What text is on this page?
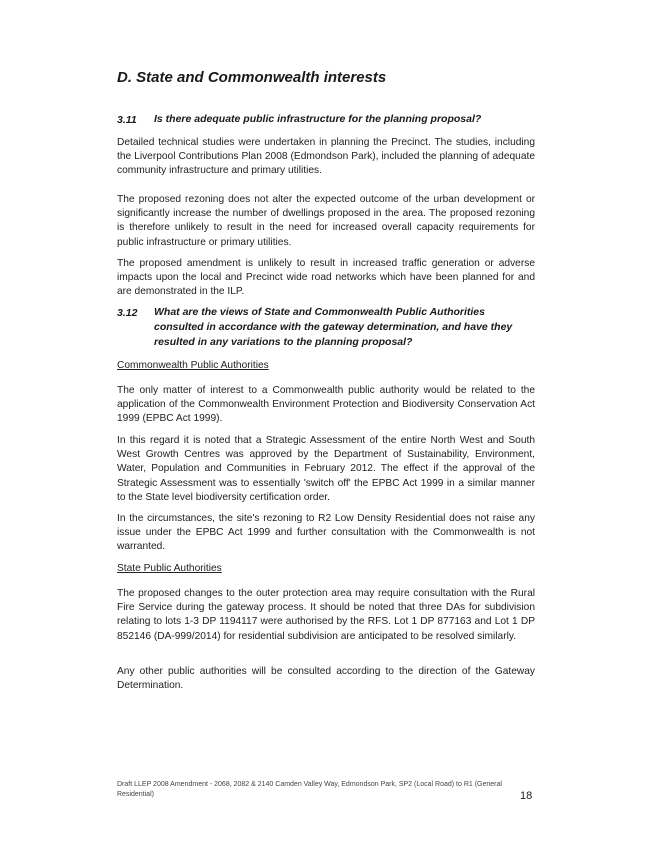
D. State and Commonwealth interests
3.11 Is there adequate public infrastructure for the planning proposal?

Detailed technical studies were undertaken in planning the Precinct. The studies, including the Liverpool Contributions Plan 2008 (Edmondson Park), included the planning of adequate community infrastructure and primary utilities.

The proposed rezoning does not alter the expected outcome of the urban development or significantly increase the number of dwellings proposed in the area. The proposed rezoning is therefore unlikely to result in the need for increased overall capacity requirements for public infrastructure or primary utilities.

The proposed amendment is unlikely to result in increased traffic generation or adverse impacts upon the local and Precinct wide road networks which have been planned for and are demonstrated in the ILP.

3.12 What are the views of State and Commonwealth Public Authorities
consulted in accordance with the gateway determination, and have they
resulted in any variations to the planning proposal?

Commonwealth Public Authorities

The only matter of interest to a Commonwealth public authority would be related to the application of the Commonwealth Environment Protection and Biodiversity Conservation Act 1999 (EPBC Act 1999).

In this regard it is noted that a Strategic Assessment of the entire North West and South West Growth Centres was approved by the Department of Sustainability, Environment, Water, Population and Communities in February 2012. The effect if the approval of the Strategic Assessment was to essentially 'switch off' the EPBC Act 1999 in a similar manner to the State level biodiversity certification order.

In the circumstances, the site's rezoning to R2 Low Density Residential does not raise any issue under the EPBC Act 1999 and further consultation with the Commonwealth is not warranted.

State Public Authorities

The proposed changes to the outer protection area may require consultation with the Rural Fire Service during the gateway process. It should be noted that three DAs for subdivision relating to lots 1-3 DP 1194117 were authorised by the RFS. Lot 1 DP 877163 and Lot 1 DP 852146 (DA-999/2014) for residential subdivision are anticipated to be resolved similarly.

Any other public authorities will be consulted according to the direction of the Gateway Determination.

Draft LLEP 2008 Amendment - 2068, 2082 & 2140 Camden Valley Way, Edmondson Park, SP2 (Local Road) to R1 (General Residential)	18
